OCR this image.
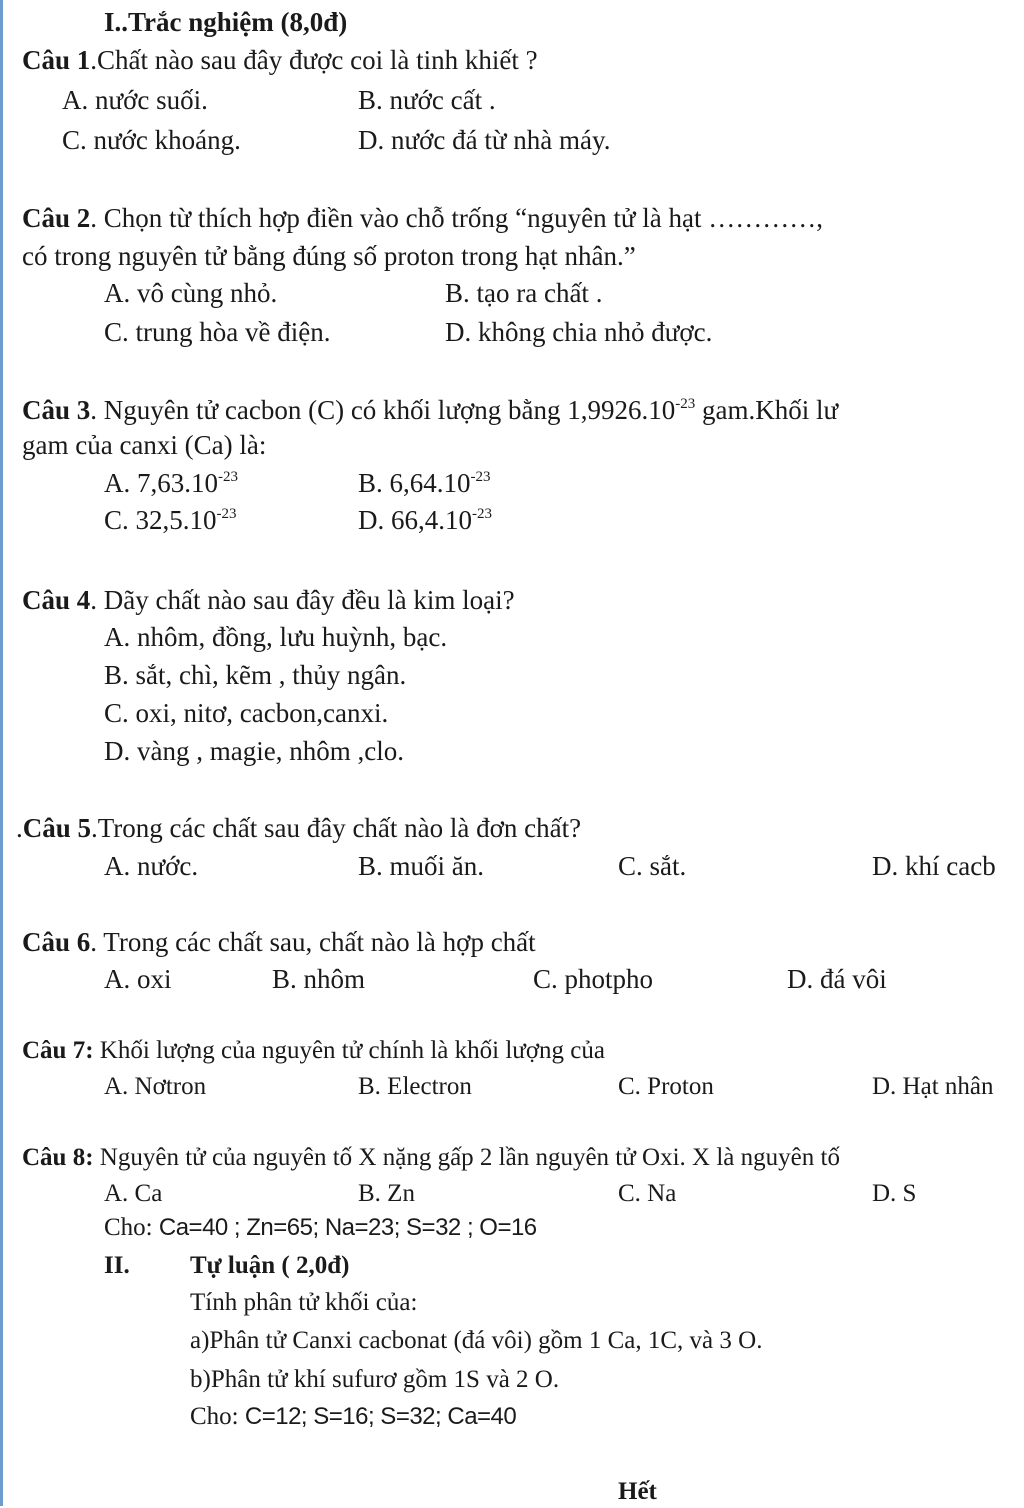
I..Trắc nghiệm (8,0đ)
Câu 1.Chất nào sau đây được coi là tinh khiết ?
A. nước suối.	B. nước cất .
C. nước khoáng.	D. nước đá từ nhà máy.
Câu 2. Chọn từ thích hợp điền vào chỗ trống “nguyên tử là hạt …………,
có trong nguyên tử bằng đúng số proton trong hạt nhân.”
A. vô cùng nhỏ.	B. tạo ra chất .
C. trung hòa về điện.	D. không chia nhỏ được.
Câu 3. Nguyên tử cacbon (C) có khối lượng bằng $1,9926.10^{-23}$ gam.Khối lư
gam của canxi (Ca) là:
A. $7,63.10^{-23}$	B. $6,64.10^{-23}$
C. $32,5.10^{-23}$	D. $66,4.10^{-23}$
Câu 4. Dãy chất nào sau đây đều là kim loại?
A. nhôm, đồng, lưu huỳnh, bạc.
B. sắt, chì, kẽm , thủy ngân.
C. oxi, nitơ, cacbon,canxi.
D. vàng , magie, nhôm ,clo.
.Câu 5.Trong các chất sau đây chất nào là đơn chất?
A. nước.	B. muối ăn.	C. sắt.	D. khí cacb
Câu 6. Trong các chất sau, chất nào là hợp chất
A. oxi	B. nhôm	C. photpho	D. đá vôi
Câu 7: Khối lượng của nguyên tử chính là khối lượng của
A. Nơtron	B. Electron	C. Proton	D. Hạt nhân
Câu 8: Nguyên tử của nguyên tố X nặng gấp 2 lần nguyên tử Oxi. X là nguyên tố
A. Ca	B. Zn	C. Na	D. S
Cho: Ca=40 ; Zn=65; Na=23; S=32 ; O=16
II. Tự luận ( 2,0đ)
Tính phân tử khối của:
a)Phân tử Canxi cacbonat (đá vôi) gồm 1 Ca, 1C, và 3 O.
b)Phân tử khí sufurơ gồm 1S và 2 O.
Cho: C=12; S=16; S=32; Ca=40
Hết
